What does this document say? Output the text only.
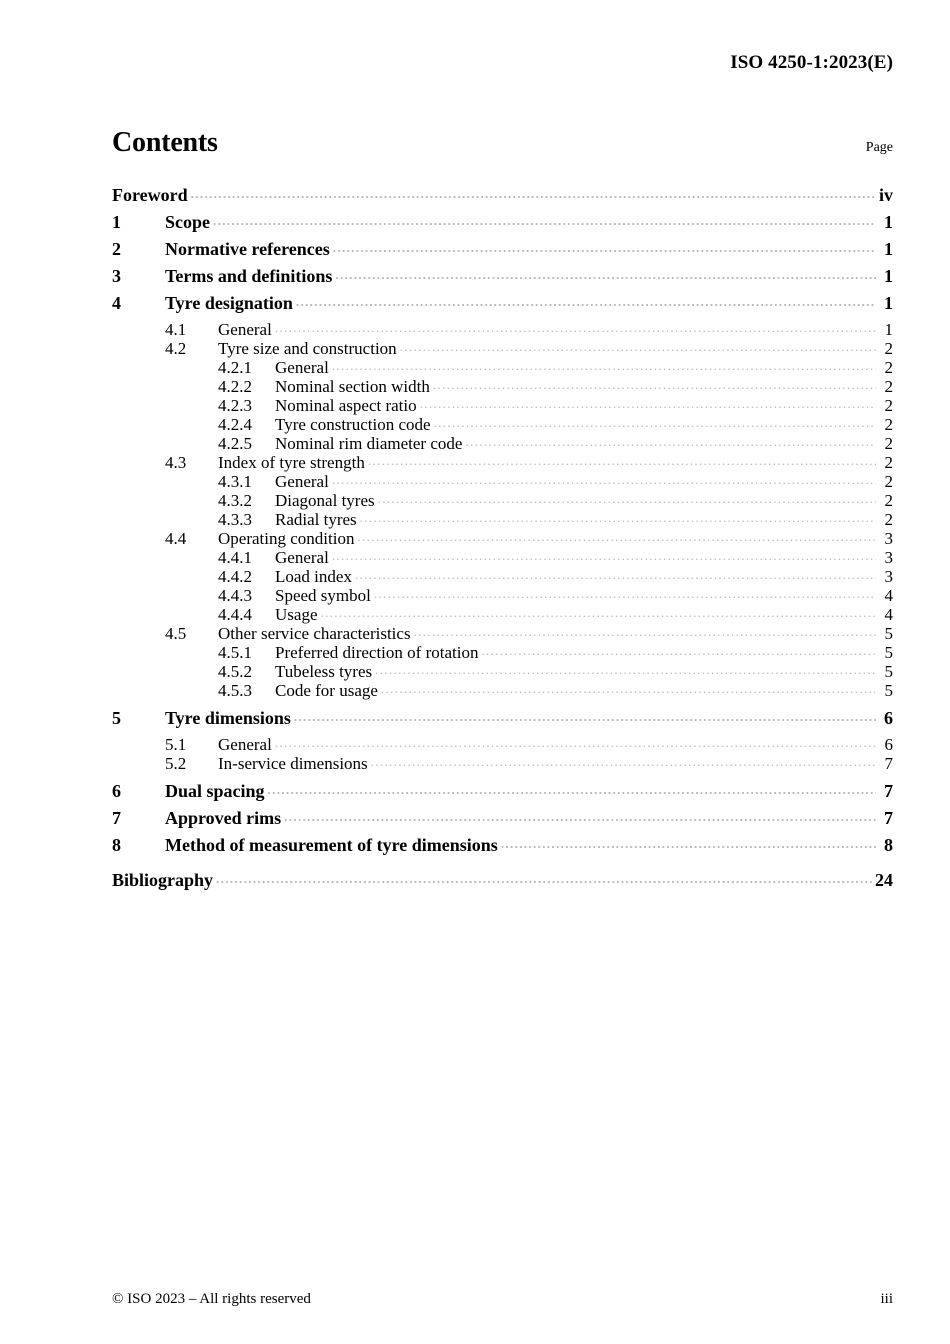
ISO 4250-1:2023(E)
Contents	Page
Foreword .....	iv
1	Scope .....	1
2	Normative references .....	1
3	Terms and definitions .....	1
4	Tyre designation .....	1
4.1	General .....	1
4.2	Tyre size and construction .....	2
4.2.1	General .....	2
4.2.2	Nominal section width .....	2
4.2.3	Nominal aspect ratio .....	2
4.2.4	Tyre construction code .....	2
4.2.5	Nominal rim diameter code .....	2
4.3	Index of tyre strength .....	2
4.3.1	General .....	2
4.3.2	Diagonal tyres .....	2
4.3.3	Radial tyres .....	2
4.4	Operating condition .....	3
4.4.1	General .....	3
4.4.2	Load index .....	3
4.4.3	Speed symbol .....	4
4.4.4	Usage .....	4
4.5	Other service characteristics .....	5
4.5.1	Preferred direction of rotation .....	5
4.5.2	Tubeless tyres .....	5
4.5.3	Code for usage .....	5
5	Tyre dimensions .....	6
5.1	General .....	6
5.2	In-service dimensions .....	7
6	Dual spacing .....	7
7	Approved rims .....	7
8	Method of measurement of tyre dimensions .....	8
Bibliography .....	24
© ISO 2023 – All rights reserved	iii
